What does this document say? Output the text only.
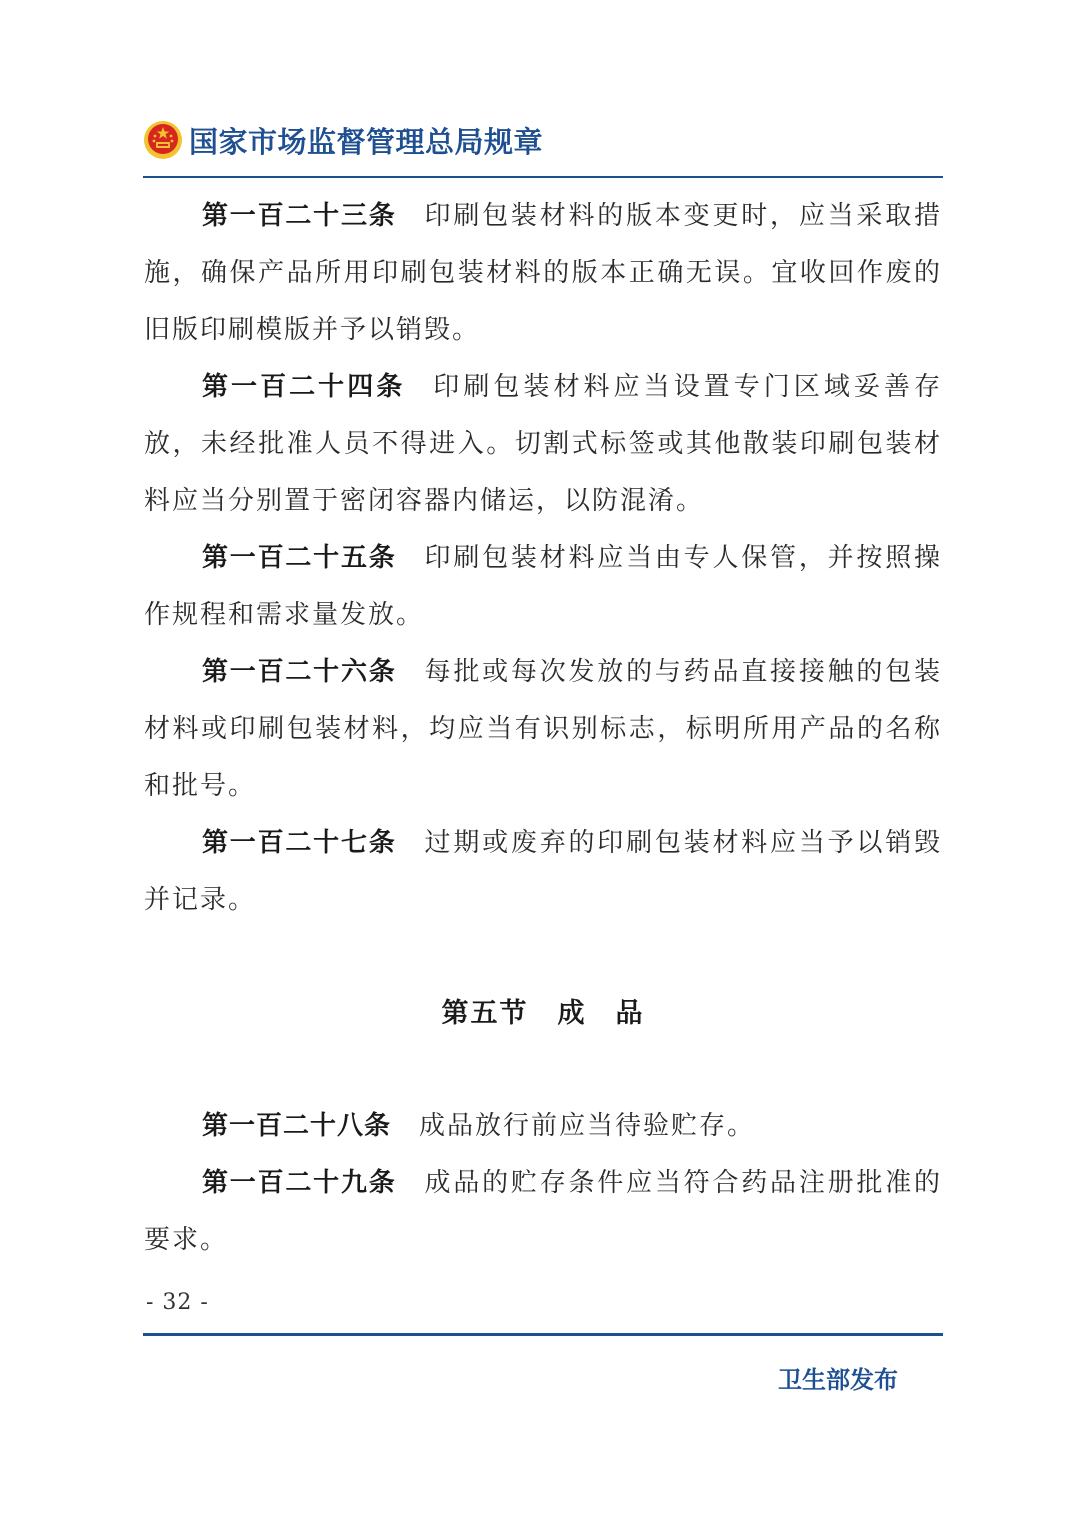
国家市场监督管理总局规章

第一百二十三条 印刷包装材料的版本变更时，应当采取措施，确保产品所用印刷包装材料的版本正确无误。宜收回作废的旧版印刷模版并予以销毁。

第一百二十四条 印刷包装材料应当设置专门区域妥善存放，未经批准人员不得进入。切割式标签或其他散装印刷包装材料应当分别置于密闭容器内储运，以防混淆。

第一百二十五条 印刷包装材料应当由专人保管，并按照操作规程和需求量发放。

第一百二十六条 每批或每次发放的与药品直接接触的包装材料或印刷包装材料，均应当有识别标志，标明所用产品的名称和批号。

第一百二十七条 过期或废弃的印刷包装材料应当予以销毁并记录。

第五节　成　品

第一百二十八条 成品放行前应当待验贮存。

第一百二十九条 成品的贮存条件应当符合药品注册批准的要求。

- 32 -
卫生部发布
